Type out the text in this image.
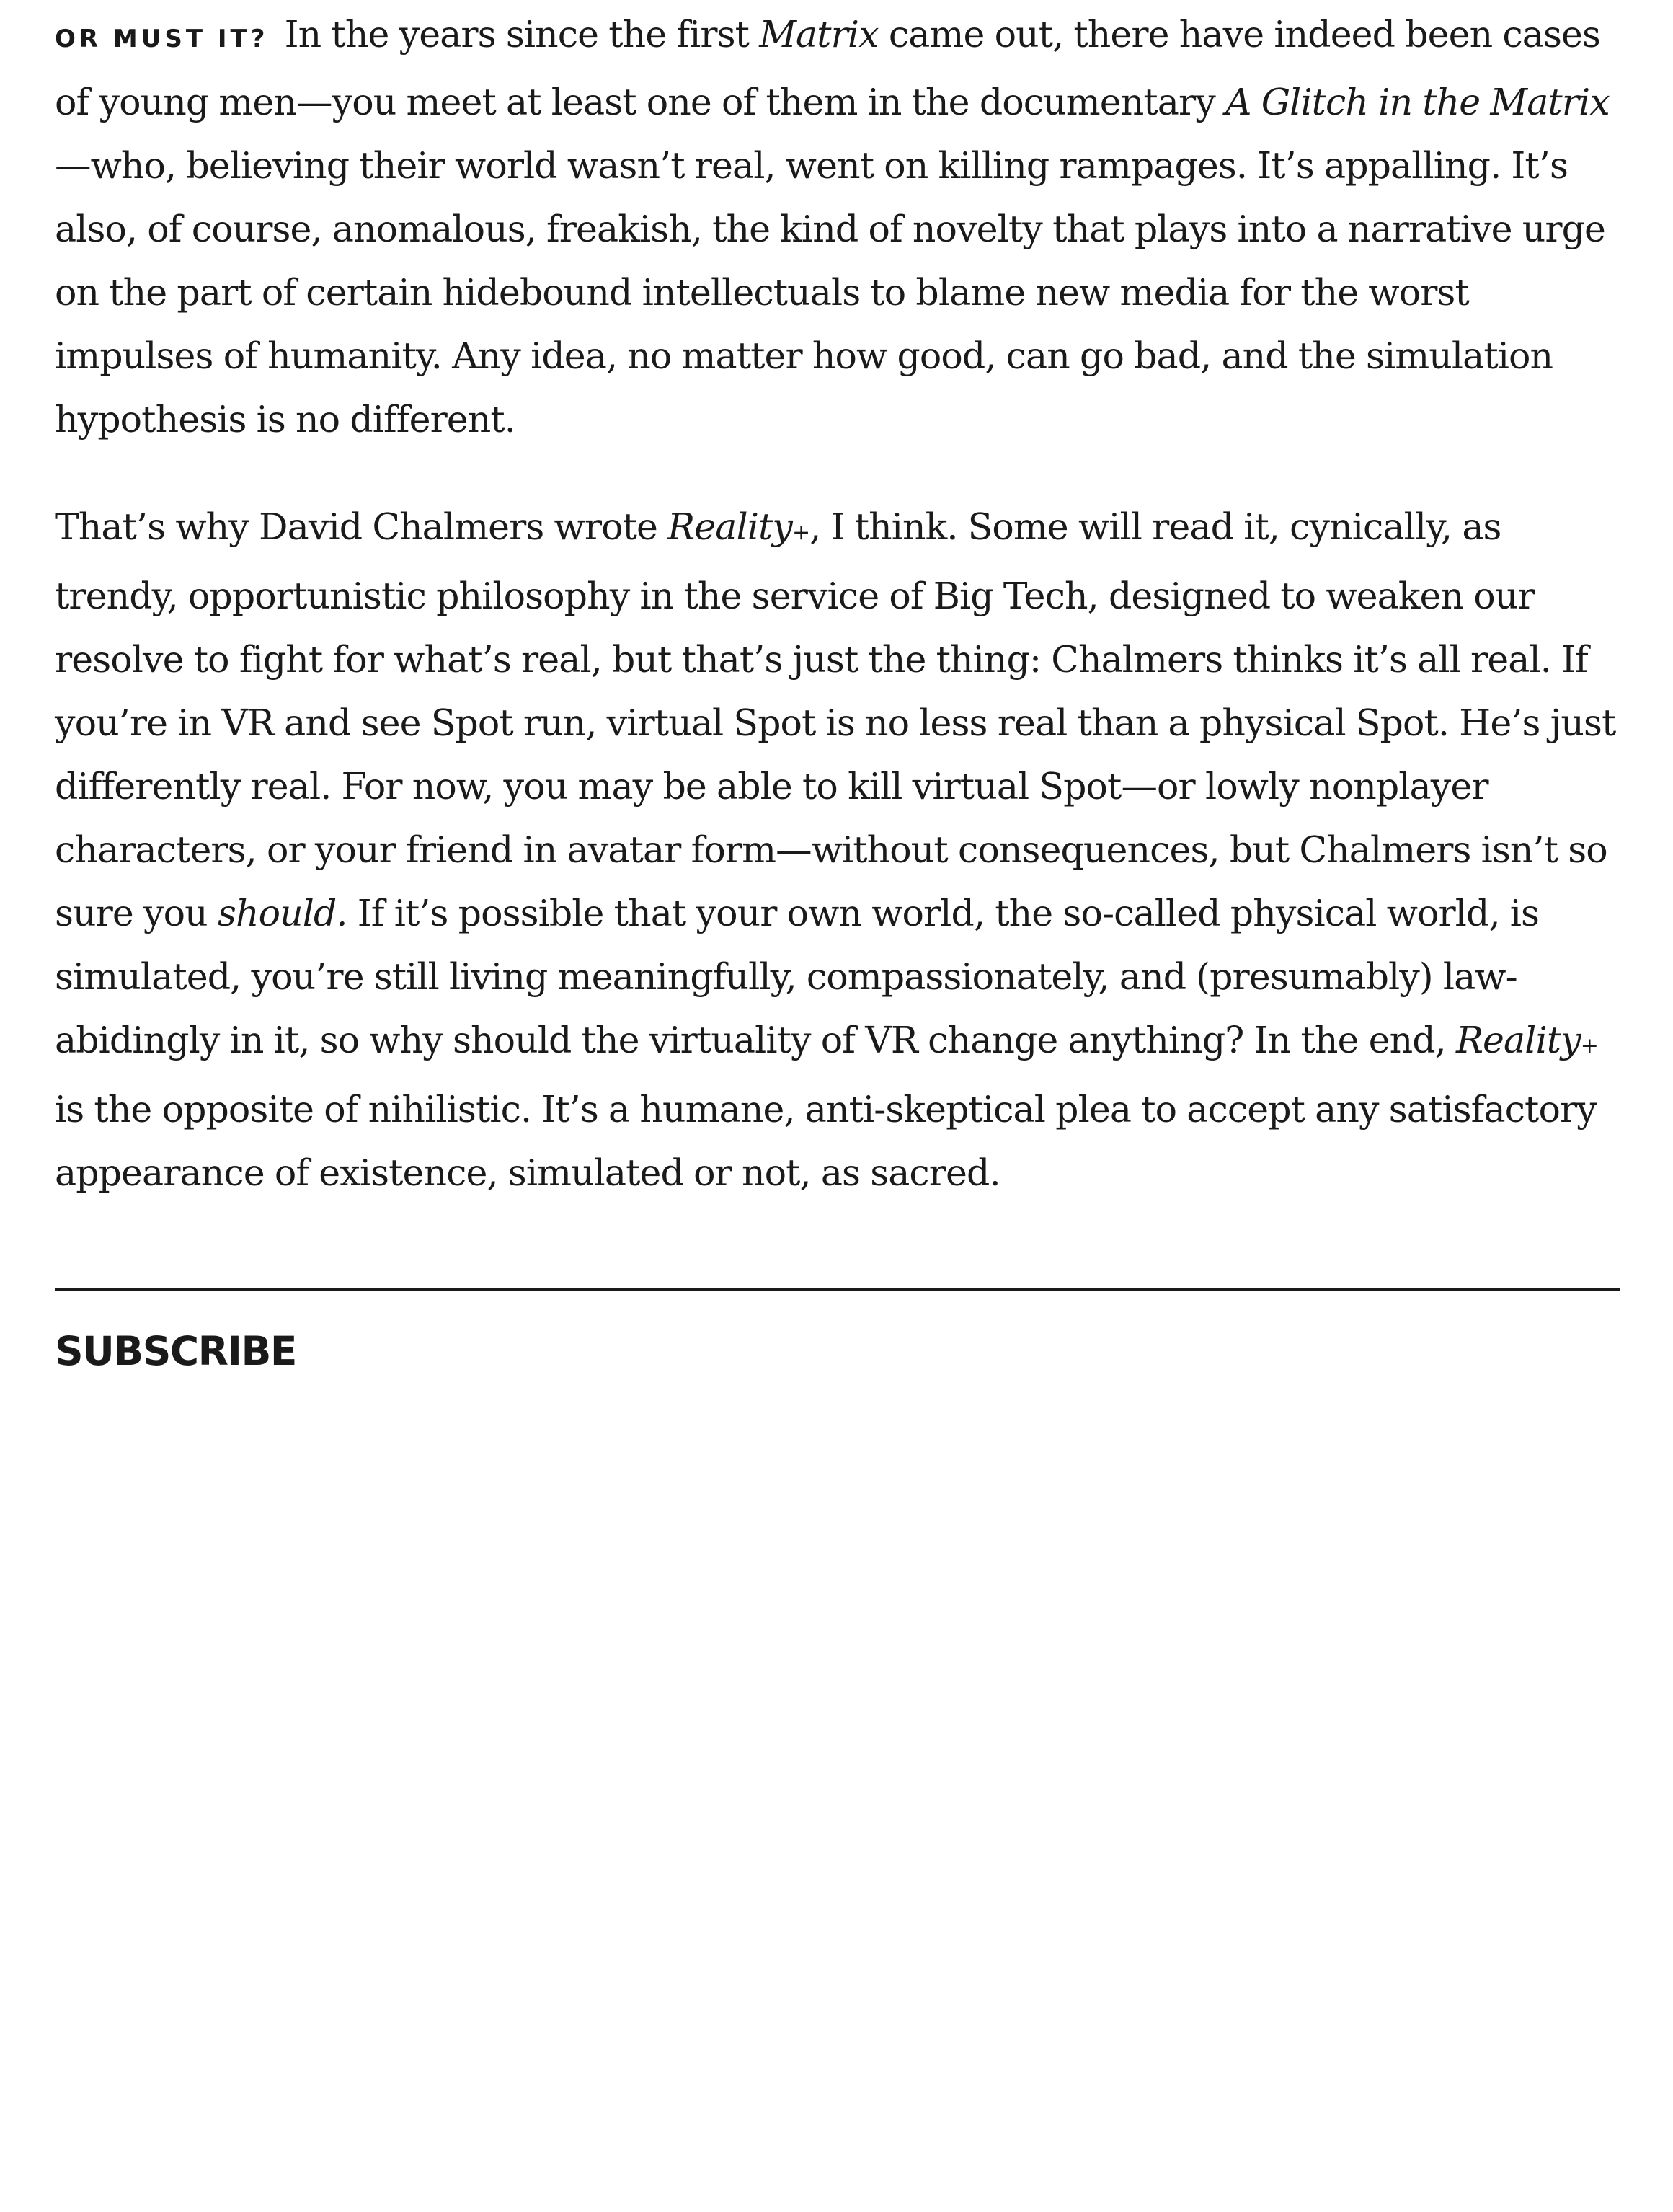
OR MUST IT? In the years since the first Matrix came out, there have indeed been cases of young men—you meet at least one of them in the documentary A Glitch in the Matrix—who, believing their world wasn’t real, went on killing rampages. It’s appalling. It’s also, of course, anomalous, freakish, the kind of novelty that plays into a narrative urge on the part of certain hidebound intellectuals to blame new media for the worst impulses of humanity. Any idea, no matter how good, can go bad, and the simulation hypothesis is no different.

That’s why David Chalmers wrote Reality+, I think. Some will read it, cynically, as trendy, opportunistic philosophy in the service of Big Tech, designed to weaken our resolve to fight for what’s real, but that’s just the thing: Chalmers thinks it’s all real. If you’re in VR and see Spot run, virtual Spot is no less real than a physical Spot. He’s just differently real. For now, you may be able to kill virtual Spot—or lowly nonplayer characters, or your friend in avatar form—without consequences, but Chalmers isn’t so sure you should. If it’s possible that your own world, the so-called physical world, is simulated, you’re still living meaningfully, compassionately, and (presumably) law-abidingly in it, so why should the virtuality of VR change anything? In the end, Reality+ is the opposite of nihilistic. It’s a humane, anti-skeptical plea to accept any satisfactory appearance of existence, simulated or not, as sacred.

SUBSCRIBE
